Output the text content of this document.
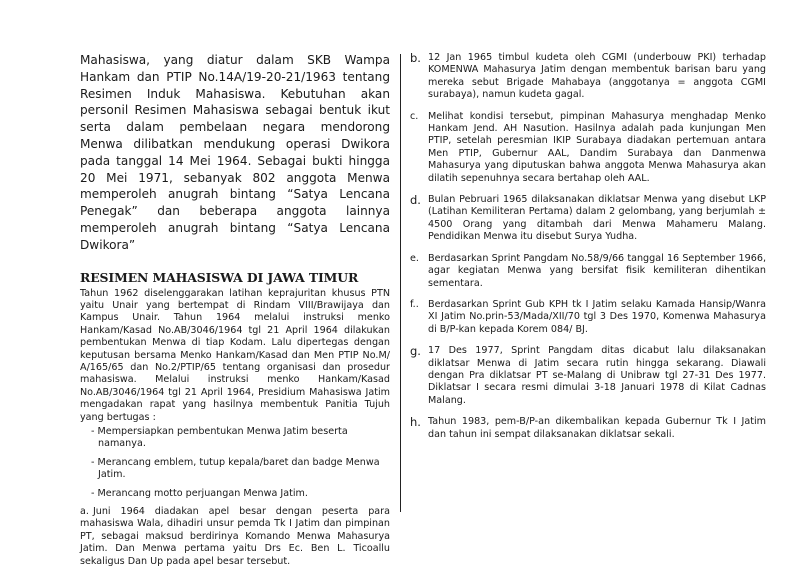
Mahasiswa, yang diatur dalam SKB Wampa Hankam dan PTIP No.14A/19-20-21/1963 tentang Resimen Induk Mahasiswa. Kebutuhan akan personil Resimen Mahasiswa sebagai bentuk ikut serta dalam pembelaan negara mendorong Menwa dilibatkan mendukung operasi Dwikora pada tanggal 14 Mei 1964. Sebagai bukti hingga 20 Mei 1971, sebanyak 802 anggota Menwa memperoleh anugrah bintang “Satya Lencana Penegak” dan beberapa anggota lainnya memperoleh anugrah bintang “Satya Lencana Dwikora”

RESIMEN MAHASISWA DI JAWA TIMUR

Tahun 1962 diselenggarakan latihan keprajuritan khusus PTN yaitu Unair yang bertempat di Rindam VIII/Brawijaya dan Kampus Unair. Tahun 1964 melalui instruksi menko Hankam/Kasad No.AB/3046/1964 tgl 21 April 1964 dilakukan pembentukan Menwa di tiap Kodam. Lalu dipertegas dengan keputusan bersama Menko Hankam/Kasad dan Men PTIP No.M/ A/165/65 dan No.2/PTIP/65 tentang organisasi dan prosedur mahasiswa. Melalui instruksi menko Hankam/Kasad No.AB/3046/1964 tgl 21 April 1964, Presidium Mahasiswa Jatim mengadakan rapat yang hasilnya membentuk Panitia Tujuh yang bertugas :

- Mempersiapkan pembentukan Menwa Jatim beserta namanya.
- Merancang emblem, tutup kepala/baret dan badge Menwa Jatim.
- Merancang motto perjuangan Menwa Jatim.

a. Juni 1964 diadakan apel besar dengan peserta para mahasiswa Wala, dihadiri unsur pemda Tk I Jatim dan pimpinan PT, sebagai maksud berdirinya Komando Menwa Mahasurya Jatim. Dan Menwa pertama yaitu Drs Ec. Ben L. Ticoallu sekaligus Dan Up pada apel besar tersebut.

b. 12 Jan 1965 timbul kudeta oleh CGMI (underbouw PKI) terhadap KOMENWA Mahasurya Jatim dengan membentuk barisan baru yang mereka sebut Brigade Mahabaya (anggotanya = anggota CGMI surabaya), namun kudeta gagal.
c.	Melihat kondisi tersebut, pimpinan Mahasurya menghadap Menko Hankam Jend. AH Nasution. Hasilnya adalah pada kunjungan Men PTIP, setelah peresmian IKIP Surabaya diadakan pertemuan antara Men PTIP, Gubernur AAL, Dandim Surabaya dan Danmenwa Mahasurya yang diputuskan bahwa anggota Menwa Mahasurya akan dilatih sepenuhnya secara bertahap oleh AAL.
d. Bulan Pebruari 1965 dilaksanakan diklatsar Menwa yang disebut LKP (Latihan Kemiliteran Pertama) dalam 2 gelombang, yang berjumlah ± 4500 Orang yang ditambah dari Menwa Mahameru Malang. Pendidikan Menwa itu disebut Surya Yudha.
e. Berdasarkan Sprint Pangdam No.58/9/66 tanggal 16 September 1966, agar kegiatan Menwa yang bersifat fisik kemiliteran dihentikan sementara.
f.. Berdasarkan Sprint Gub KPH tk I Jatim selaku Kamada Hansip/Wanra XI Jatim No.prin-53/Mada/XII/70 tgl 3 Des 1970, Komenwa Mahasurya di B/P-kan kepada Korem 084/ BJ.
g. 17 Des 1977, Sprint Pangdam ditas dicabut lalu dilaksanakan diklatsar Menwa di Jatim secara rutin hingga sekarang. Diawali dengan Pra diklatsar PT se-Malang di Unibraw tgl 27-31 Des 1977. Diklatsar I secara resmi dimulai 3-18 Januari 1978 di Kilat Cadnas Malang.
h. Tahun 1983, pem-B/P-an dikembalikan kepada Gubernur Tk I Jatim dan tahun ini sempat dilaksanakan diklatsar sekali.
